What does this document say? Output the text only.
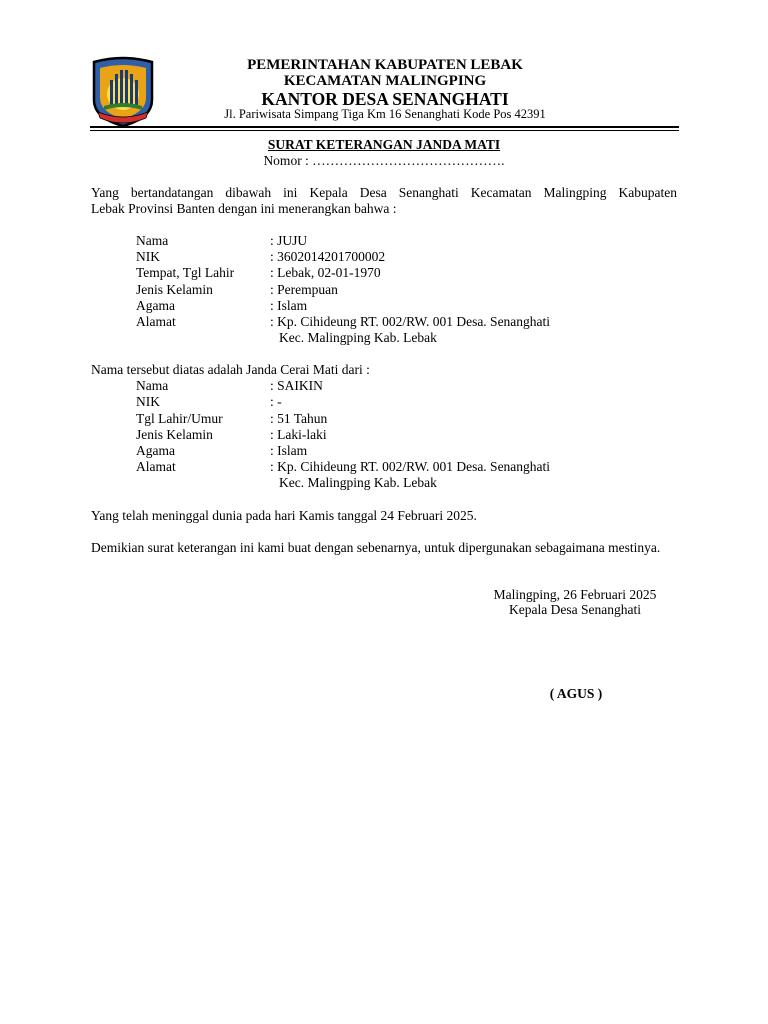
PEMERINTAHAN KABUPATEN LEBAK
KECAMATAN MALINGPING
KANTOR DESA SENANGHATI
Jl. Pariwisata Simpang Tiga Km 16 Senanghati Kode Pos 42391
SURAT KETERANGAN JANDA MATI
Nomor : …………………………………….
Yang bertandatangan dibawah ini Kepala Desa Senanghati Kecamatan Malingping Kabupaten
Lebak Provinsi Banten dengan ini menerangkan bahwa :
Nama	: JUJU
NIK	: 3602014201700002
Tempat, Tgl Lahir	: Lebak, 02-01-1970
Jenis Kelamin	: Perempuan
Agama	: Islam
Alamat	: Kp. Cihideung RT. 002/RW. 001 Desa. Senanghati
Kec. Malingping Kab. Lebak
Nama tersebut diatas adalah Janda Cerai Mati dari :
Nama	: SAIKIN
NIK	: -
Tgl Lahir/Umur	: 51 Tahun
Jenis Kelamin	: Laki-laki
Agama	: Islam
Alamat	: Kp. Cihideung RT. 002/RW. 001 Desa. Senanghati
Kec. Malingping Kab. Lebak
Yang telah meninggal dunia pada hari Kamis tanggal 24 Februari 2025.
Demikian surat keterangan ini kami buat dengan sebenarnya, untuk dipergunakan sebagaimana mestinya.
Malingping, 26 Februari 2025
Kepala Desa Senanghati
( AGUS )
